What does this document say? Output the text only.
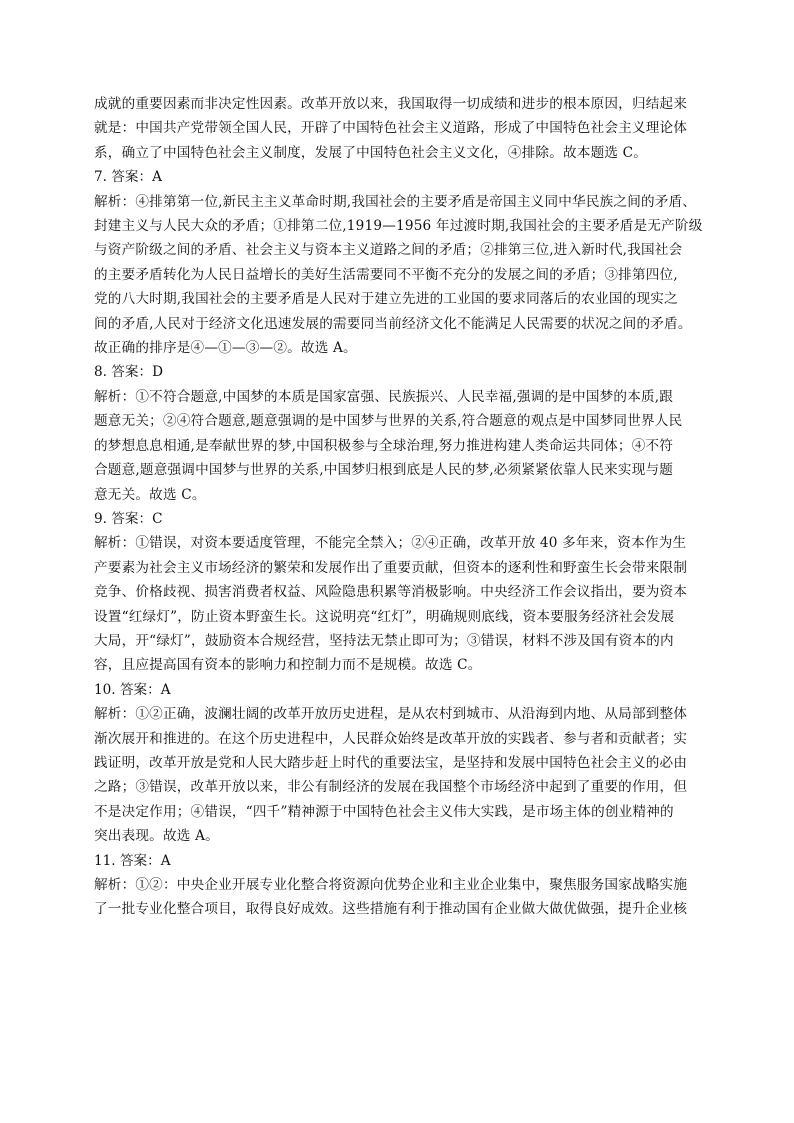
成就的重要因素而非决定性因素。改革开放以来，我国取得一切成绩和进步的根本原因，归结起来
就是：中国共产党带领全国人民，开辟了中国特色社会主义道路，形成了中国特色社会主义理论体
系，确立了中国特色社会主义制度，发展了中国特色社会主义文化，④排除。故本题选 C。
7. 答案：A
解析：④排第第一位,新民主主义革命时期,我国社会的主要矛盾是帝国主义同中华民族之间的矛盾、
封建主义与人民大众的矛盾；①排第二位,1919—1956 年过渡时期,我国社会的主要矛盾是无产阶级
与资产阶级之间的矛盾、社会主义与资本主义道路之间的矛盾；②排第三位,进入新时代,我国社会
的主要矛盾转化为人民日益增长的美好生活需要同不平衡不充分的发展之间的矛盾；③排第四位,
党的八大时期,我国社会的主要矛盾是人民对于建立先进的工业国的要求同落后的农业国的现实之
间的矛盾,人民对于经济文化迅速发展的需要同当前经济文化不能满足人民需要的状况之间的矛盾。
故正确的排序是④—①—③—②。故选 A。
8. 答案：D
解析：①不符合题意,中国梦的本质是国家富强、民族振兴、人民幸福,强调的是中国梦的本质,跟
题意无关；②④符合题意,题意强调的是中国梦与世界的关系,符合题意的观点是中国梦同世界人民
的梦想息息相通,是奉献世界的梦,中国积极参与全球治理,努力推进构建人类命运共同体；④不符
合题意,题意强调中国梦与世界的关系,中国梦归根到底是人民的梦,必须紧紧依靠人民来实现与题
意无关。故选 C。
9. 答案：C
解析：①错误，对资本要适度管理，不能完全禁入；②④正确，改革开放 40 多年来，资本作为生
产要素为社会主义市场经济的繁荣和发展作出了重要贡献，但资本的逐利性和野蛮生长会带来限制
竞争、价格歧视、损害消费者权益、风险隐患积累等消极影响。中央经济工作会议指出，要为资本
设置“红绿灯”，防止资本野蛮生长。这说明亮“红灯”，明确规则底线，资本要服务经济社会发展
大局，开“绿灯”，鼓励资本合规经营，坚持法无禁止即可为；③错误，材料不涉及国有资本的内
容，且应提高国有资本的影响力和控制力而不是规模。故选 C。
10. 答案：A
解析：①②正确，波澜壮阔的改革开放历史进程，是从农村到城市、从沿海到内地、从局部到整体
渐次展开和推进的。在这个历史进程中，人民群众始终是改革开放的实践者、参与者和贡献者；实
践证明，改革开放是党和人民大踏步赶上时代的重要法宝，是坚持和发展中国特色社会主义的必由
之路；③错误，改革开放以来，非公有制经济的发展在我国整个市场经济中起到了重要的作用，但
不是决定作用；④错误，“四千”精神源于中国特色社会主义伟大实践，是市场主体的创业精神的
突出表现。故选 A。
11. 答案：A
解析：①②：中央企业开展专业化整合将资源向优势企业和主业企业集中，聚焦服务国家战略实施
了一批专业化整合项目，取得良好成效。这些措施有利于推动国有企业做大做优做强，提升企业核
